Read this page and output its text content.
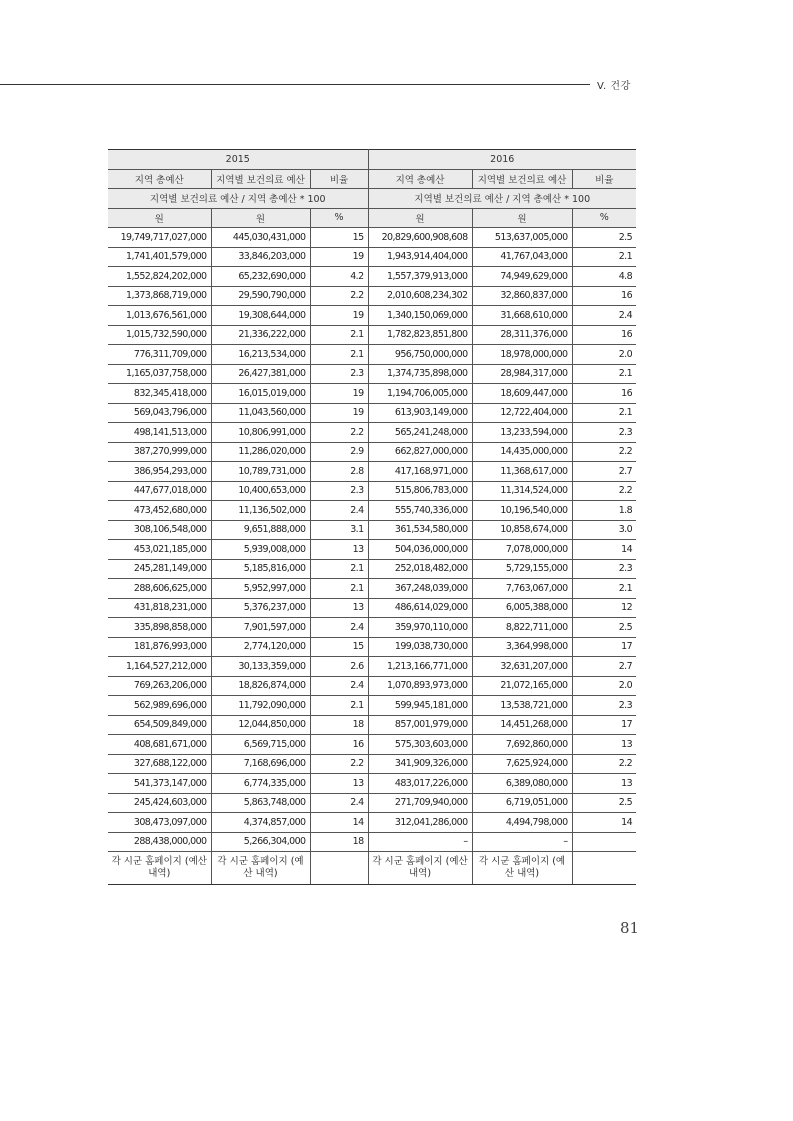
V. 건강
2015			2016		
지역 총예산	지역별 보건의료 예산	비율	지역 총예산	지역별 보건의료 예산	비율
지역별 보건의료 예산 / 지역 총예산 * 100			지역별 보건의료 예산 / 지역 총예산 * 100		
원	원	%	원	원	%
19,749,717,027,000	445,030,431,000	15	20,829,600,908,608	513,637,005,000	2.5
1,741,401,579,000	33,846,203,000	19	1,943,914,404,000	41,767,043,000	2.1
1,552,824,202,000	65,232,690,000	4.2	1,557,379,913,000	74,949,629,000	4.8
1,373,868,719,000	29,590,790,000	2.2	2,010,608,234,302	32,860,837,000	16
1,013,676,561,000	19,308,644,000	19	1,340,150,069,000	31,668,610,000	2.4
1,015,732,590,000	21,336,222,000	2.1	1,782,823,851,800	28,311,376,000	16
776,311,709,000	16,213,534,000	2.1	956,750,000,000	18,978,000,000	2.0
1,165,037,758,000	26,427,381,000	2.3	1,374,735,898,000	28,984,317,000	2.1
832,345,418,000	16,015,019,000	19	1,194,706,005,000	18,609,447,000	16
569,043,796,000	11,043,560,000	19	613,903,149,000	12,722,404,000	2.1
498,141,513,000	10,806,991,000	2.2	565,241,248,000	13,233,594,000	2.3
387,270,999,000	11,286,020,000	2.9	662,827,000,000	14,435,000,000	2.2
386,954,293,000	10,789,731,000	2.8	417,168,971,000	11,368,617,000	2.7
447,677,018,000	10,400,653,000	2.3	515,806,783,000	11,314,524,000	2.2
473,452,680,000	11,136,502,000	2.4	555,740,336,000	10,196,540,000	1.8
308,106,548,000	9,651,888,000	3.1	361,534,580,000	10,858,674,000	3.0
453,021,185,000	5,939,008,000	13	504,036,000,000	7,078,000,000	14
245,281,149,000	5,185,816,000	2.1	252,018,482,000	5,729,155,000	2.3
288,606,625,000	5,952,997,000	2.1	367,248,039,000	7,763,067,000	2.1
431,818,231,000	5,376,237,000	13	486,614,029,000	6,005,388,000	12
335,898,858,000	7,901,597,000	2.4	359,970,110,000	8,822,711,000	2.5
181,876,993,000	2,774,120,000	15	199,038,730,000	3,364,998,000	17
1,164,527,212,000	30,133,359,000	2.6	1,213,166,771,000	32,631,207,000	2.7
769,263,206,000	18,826,874,000	2.4	1,070,893,973,000	21,072,165,000	2.0
562,989,696,000	11,792,090,000	2.1	599,945,181,000	13,538,721,000	2.3
654,509,849,000	12,044,850,000	18	857,001,979,000	14,451,268,000	17
408,681,671,000	6,569,715,000	16	575,303,603,000	7,692,860,000	13
327,688,122,000	7,168,696,000	2.2	341,909,326,000	7,625,924,000	2.2
541,373,147,000	6,774,335,000	13	483,017,226,000	6,389,080,000	13
245,424,603,000	5,863,748,000	2.4	271,709,940,000	6,719,051,000	2.5
308,473,097,000	4,374,857,000	14	312,041,286,000	4,494,798,000	14
288,438,000,000	5,266,304,000	18	–	–	
각 시군 홈페이지 (예산 내역)	각 시군 홈페이지 (예산 내역)		각 시군 홈페이지 (예산 내역)	각 시군 홈페이지 (예산 내역)	
81
